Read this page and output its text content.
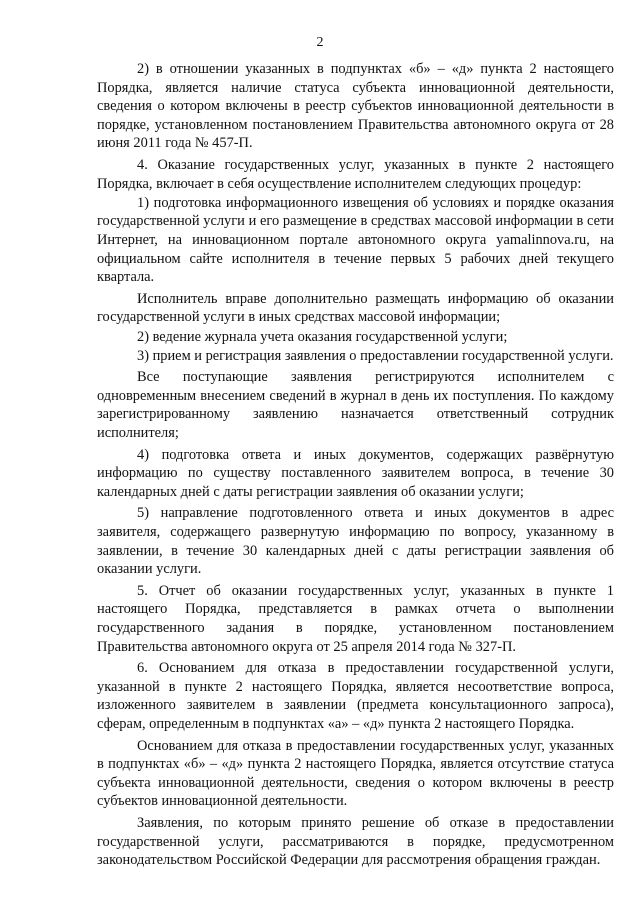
2

2) в отношении указанных в подпунктах «б» – «д» пункта 2 настоящего Порядка, является наличие статуса субъекта инновационной деятельности, сведения о котором включены в реестр субъектов инновационной деятельности в порядке, установленном постановлением Правительства автономного округа от 28 июня 2011 года № 457-П.

4. Оказание государственных услуг, указанных в пункте 2 настоящего Порядка, включает в себя осуществление исполнителем следующих процедур:

1) подготовка информационного извещения об условиях и порядке оказания государственной услуги и его размещение в средствах массовой информации в сети Интернет, на инновационном портале автономного округа yamalinnova.ru, на официальном сайте исполнителя в течение первых 5 рабочих дней текущего квартала.

Исполнитель вправе дополнительно размещать информацию об оказании государственной услуги в иных средствах массовой информации;

2) ведение журнала учета оказания государственной услуги;

3) прием и регистрация заявления о предоставлении государственной услуги.

Все поступающие заявления регистрируются исполнителем с одновременным внесением сведений в журнал в день их поступления. По каждому зарегистрированному заявлению назначается ответственный сотрудник исполнителя;

4) подготовка ответа и иных документов, содержащих развёрнутую информацию по существу поставленного заявителем вопроса, в течение 30 календарных дней с даты регистрации заявления об оказании услуги;

5) направление подготовленного ответа и иных документов в адрес заявителя, содержащего развернутую информацию по вопросу, указанному в заявлении, в течение 30 календарных дней с даты регистрации заявления об оказании услуги.

5. Отчет об оказании государственных услуг, указанных в пункте 1 настоящего Порядка, представляется в рамках отчета о выполнении государственного задания в порядке, установленном постановлением Правительства автономного округа от 25 апреля 2014 года № 327-П.

6. Основанием для отказа в предоставлении государственной услуги, указанной в пункте 2 настоящего Порядка, является несоответствие вопроса, изложенного заявителем в заявлении (предмета консультационного запроса), сферам, определенным в подпунктах «а» – «д» пункта 2 настоящего Порядка.

Основанием для отказа в предоставлении государственных услуг, указанных в подпунктах «б» – «д» пункта 2 настоящего Порядка, является отсутствие статуса субъекта инновационной деятельности, сведения о котором включены в реестр субъектов инновационной деятельности.

Заявления, по которым принято решение об отказе в предоставлении государственной услуги, рассматриваются в порядке, предусмотренном законодательством Российской Федерации для рассмотрения обращения граждан.
